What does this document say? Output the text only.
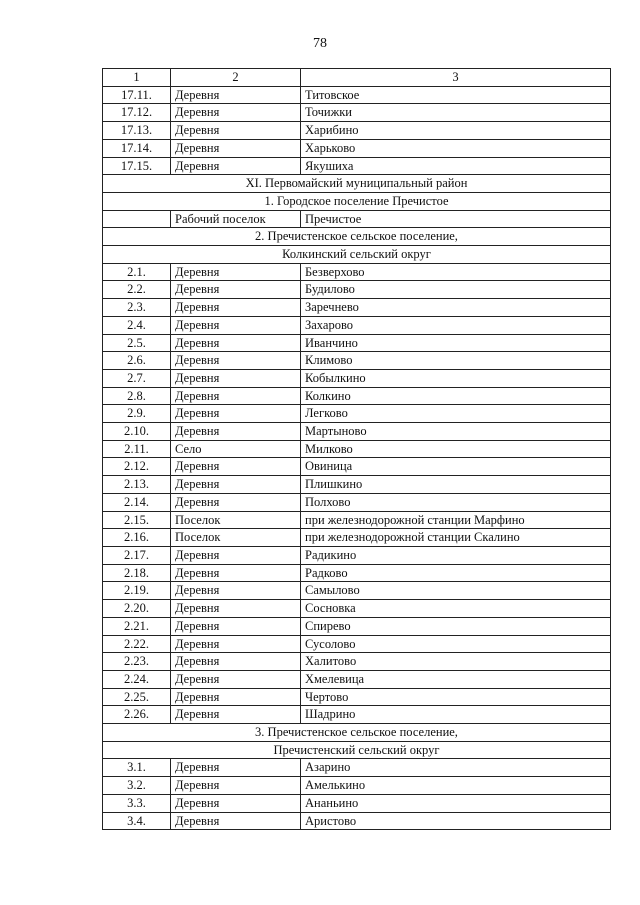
78
1	2	3
17.11.	Деревня	Титовское
17.12.	Деревня	Точижки
17.13.	Деревня	Харибино
17.14.	Деревня	Харьково
17.15.	Деревня	Якушиха
XI. Первомайский муниципальный район		
1. Городское поселение Пречистое		
	Рабочий поселок	Пречистое
2. Пречистенское сельское поселение,		
Колкинский сельский округ		
2.1.	Деревня	Безверхово
2.2.	Деревня	Будилово
2.3.	Деревня	Заречнево
2.4.	Деревня	Захарово
2.5.	Деревня	Иванчино
2.6.	Деревня	Климово
2.7.	Деревня	Кобылкино
2.8.	Деревня	Колкино
2.9.	Деревня	Легково
2.10.	Деревня	Мартыново
2.11.	Село	Милково
2.12.	Деревня	Овиница
2.13.	Деревня	Плишкино
2.14.	Деревня	Полхово
2.15.	Поселок	при железнодорожной станции Марфино
2.16.	Поселок	при железнодорожной станции Скалино
2.17.	Деревня	Радикино
2.18.	Деревня	Радково
2.19.	Деревня	Самылово
2.20.	Деревня	Сосновка
2.21.	Деревня	Спирево
2.22.	Деревня	Сусолово
2.23.	Деревня	Халитово
2.24.	Деревня	Хмелевица
2.25.	Деревня	Чертово
2.26.	Деревня	Шадрино
3. Пречистенское сельское поселение,		
Пречистенский сельский округ		
3.1.	Деревня	Азарино
3.2.	Деревня	Амелькино
3.3.	Деревня	Ананьино
3.4.	Деревня	Аристово
